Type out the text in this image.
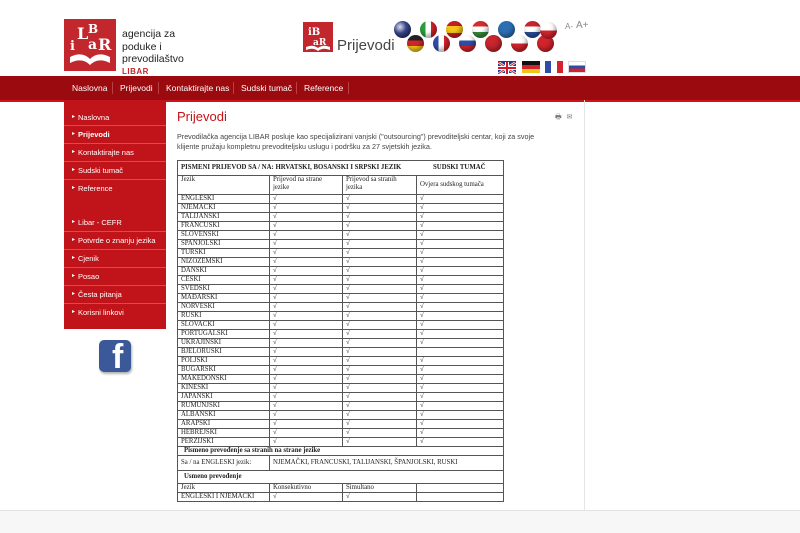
i
L B
a R
agencija za
poduke i
prevodilaštvo
LIBAR
iB
aR Prijevodi
A- A+
Naslovna Prijevodi Kontaktirajte nas Sudski tumač Reference
▸ Naslovna
▸ Prijevodi
▸ Kontaktirajte nas
▸ Sudski tumač
▸ Reference
▸ Libar - CEFR
▸ Potvrde o znanju jezika
▸ Cjenik
▸ Posao
▸ Česta pitanja
▸ Korisni linkovi
f
Prijevodi	🖶 ✉
Prevodilačka agencija LIBAR posluje kao specijalizirani vanjski ("outsourcing") prevoditeljski centar, koji za svoje klijente pružaju kompletnu prevoditeljsku uslugu i podršku za 27 svjetskih jezika.
PISMENI PRIJEVOD SA / NA: HRVATSKI, BOSANSKI I SRPSKI JEZIK SUDSKI TUMAČ			

Jezik	Prijevod na strane jezike	Prijevod sa stranih jezika	Ovjera sudskog tumača
ENGLESKI	√	√	√
NJEMAČKI	√	√	√
TALIJANSKI	√	√	√
FRANCUSKI	√	√	√
SLOVENSKI	√	√	√
ŠPANJOLSKI	√	√	√
TURSKI	√	√	√
NIZOZEMSKI	√	√	√
DANSKI	√	√	√
ČEŠKI	√	√	√
ŠVEDSKI	√	√	√
MAĐARSKI	√	√	√
NORVEŠKI	√	√	√
RUSKI	√	√	√
SLOVAČKI	√	√	√
PORTUGALSKI	√	√	√
UKRAJINSKI	√	√	√
BJELORUSKI	√	√	
POLJSKI	√	√	√
BUGARSKI	√	√	√
MAKEDONSKI	√	√	√
KINESKI	√	√	√
JAPANSKI	√	√	√
RUMUNJSKI	√	√	√
ALBANSKI	√	√	√
ARAPSKI	√	√	√
HEBREJSKI	√	√	√
PERZIJSKI	√	√	√
Pismeno prevođenje sa stranih na strane jezike			
Sa / na ENGLESKI jezik:	NJEMAČKI, FRANCUSKI, TALIJANSKI, ŠPANJOLSKI, RUSKI		
Usmeno prevođenje			
Jezik	Konsekutivno	Simultano	
ENGLESKI I NJEMAČKI	√	√	
